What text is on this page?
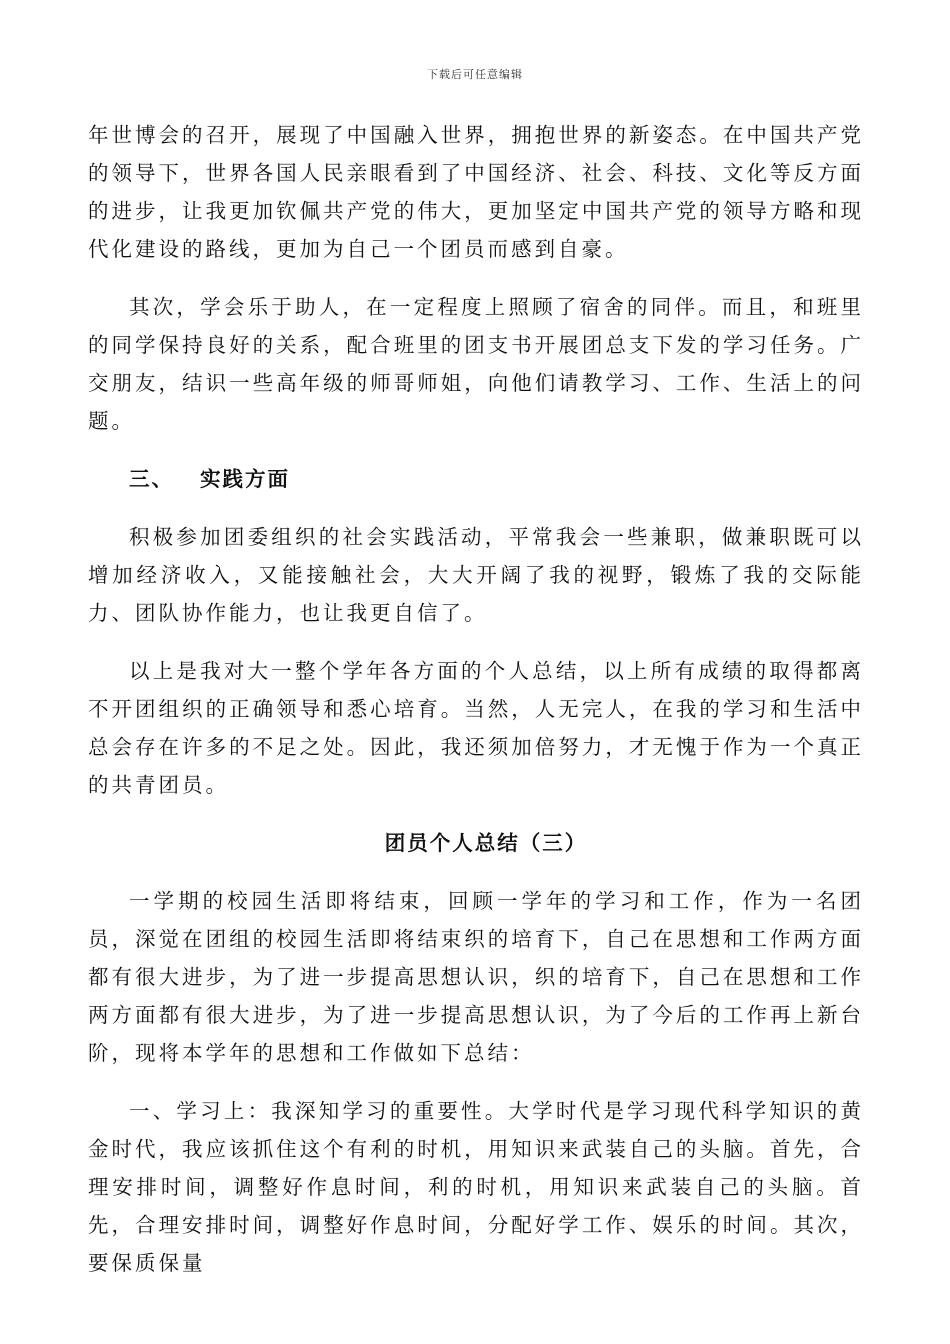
下载后可任意编辑

年世博会的召开，展现了中国融入世界，拥抱世界的新姿态。在中国共产党的领导下，世界各国人民亲眼看到了中国经济、社会、科技、文化等反方面的进步，让我更加钦佩共产党的伟大，更加坚定中国共产党的领导方略和现代化建设的路线，更加为自己一个团员而感到自豪。

其次，学会乐于助人，在一定程度上照顾了宿舍的同伴。而且，和班里的同学保持良好的关系，配合班里的团支书开展团总支下发的学习任务。广交朋友，结识一些高年级的师哥师姐，向他们请教学习、工作、生活上的问题。

三、 实践方面

积极参加团委组织的社会实践活动，平常我会一些兼职，做兼职既可以增加经济收入，又能接触社会，大大开阔了我的视野，锻炼了我的交际能力、团队协作能力，也让我更自信了。

以上是我对大一整个学年各方面的个人总结，以上所有成绩的取得都离不开团组织的正确领导和悉心培育。当然，人无完人，在我的学习和生活中总会存在许多的不足之处。因此，我还须加倍努力，才无愧于作为一个真正的共青团员。

团员个人总结（三）

一学期的校园生活即将结束，回顾一学年的学习和工作，作为一名团员，深觉在团组的校园生活即将结束织的培育下，自己在思想和工作两方面都有很大进步，为了进一步提高思想认识，织的培育下，自己在思想和工作两方面都有很大进步，为了进一步提高思想认识，为了今后的工作再上新台阶，现将本学年的思想和工作做如下总结：

一、学习上：我深知学习的重要性。大学时代是学习现代科学知识的黄金时代，我应该抓住这个有利的时机，用知识来武装自己的头脑。首先，合理安排时间，调整好作息时间，利的时机，用知识来武装自己的头脑。首先，合理安排时间，调整好作息时间，分配好学工作、娱乐的时间。其次，要保质保量
